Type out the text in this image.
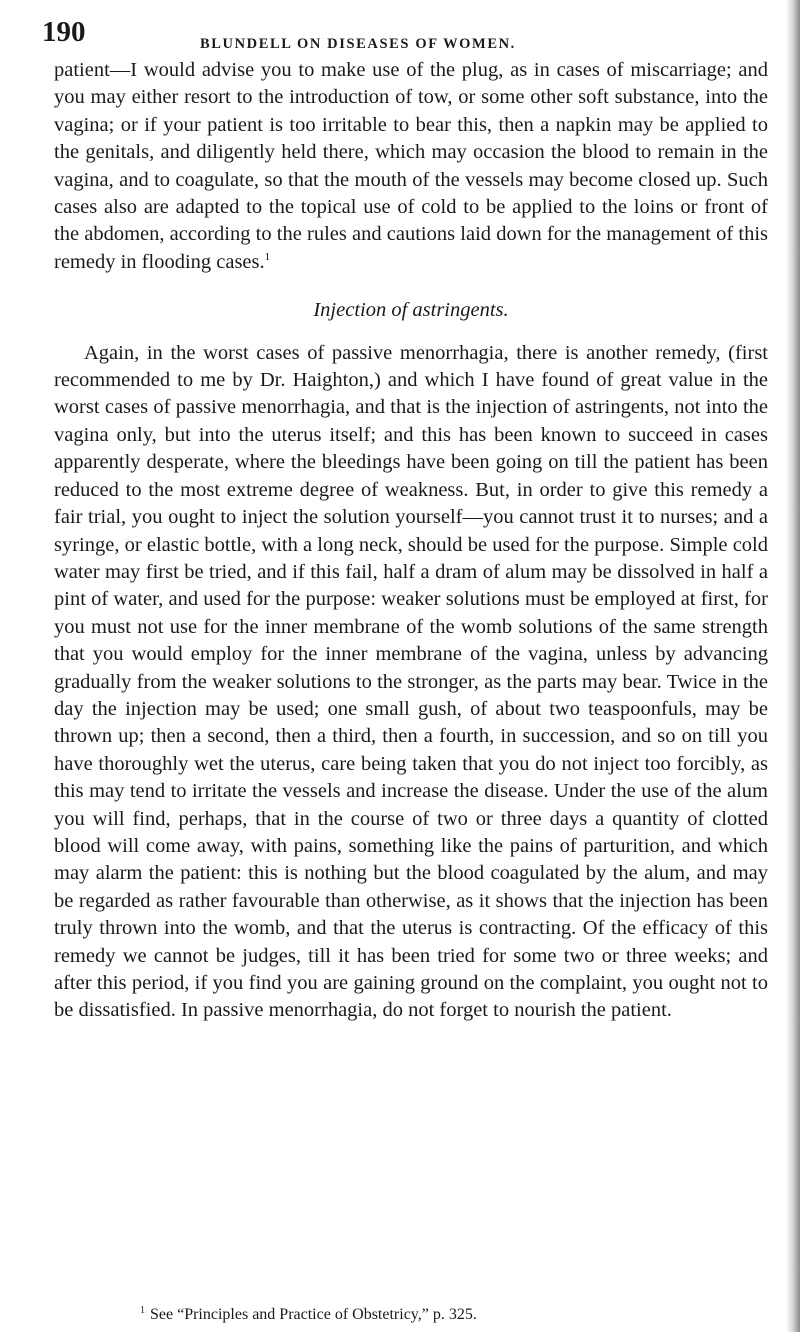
190	BLUNDELL ON DISEASES OF WOMEN.

patient—I would advise you to make use of the plug, as in cases of miscarriage; and you may either resort to the introduction of tow, or some other soft substance, into the vagina; or if your patient is too irritable to bear this, then a napkin may be applied to the genitals, and diligently held there, which may occasion the blood to remain in the vagina, and to coagulate, so that the mouth of the vessels may become closed up. Such cases also are adapted to the topical use of cold to be applied to the loins or front of the abdomen, according to the rules and cautions laid down for the management of this remedy in flooding cases.$^1$

Injection of astringents.

Again, in the worst cases of passive menorrhagia, there is another remedy, (first recommended to me by Dr. Haighton,) and which I have found of great value in the worst cases of passive menorrhagia, and that is the injection of astringents, not into the vagina only, but into the uterus itself; and this has been known to succeed in cases apparently desperate, where the bleedings have been going on till the patient has been reduced to the most extreme degree of weakness. But, in order to give this remedy a fair trial, you ought to inject the solution yourself—you cannot trust it to nurses; and a syringe, or elastic bottle, with a long neck, should be used for the purpose. Simple cold water may first be tried, and if this fail, half a dram of alum may be dissolved in half a pint of water, and used for the purpose: weaker solutions must be employed at first, for you must not use for the inner membrane of the womb solutions of the same strength that you would employ for the inner membrane of the vagina, unless by advancing gradually from the weaker solutions to the stronger, as the parts may bear. Twice in the day the injection may be used; one small gush, of about two teaspoonfuls, may be thrown up; then a second, then a third, then a fourth, in succession, and so on till you have thoroughly wet the uterus, care being taken that you do not inject too forcibly, as this may tend to irritate the vessels and increase the disease. Under the use of the alum you will find, perhaps, that in the course of two or three days a quantity of clotted blood will come away, with pains, something like the pains of parturition, and which may alarm the patient: this is nothing but the blood coagulated by the alum, and may be regarded as rather favourable than otherwise, as it shows that the injection has been truly thrown into the womb, and that the uterus is contracting. Of the efficacy of this remedy we cannot be judges, till it has been tried for some two or three weeks; and after this period, if you find you are gaining ground on the complaint, you ought not to be dissatisfied. In passive menorrhagia, do not forget to nourish the patient.

$^1$ See “Principles and Practice of Obstetricy,” p. 325.
